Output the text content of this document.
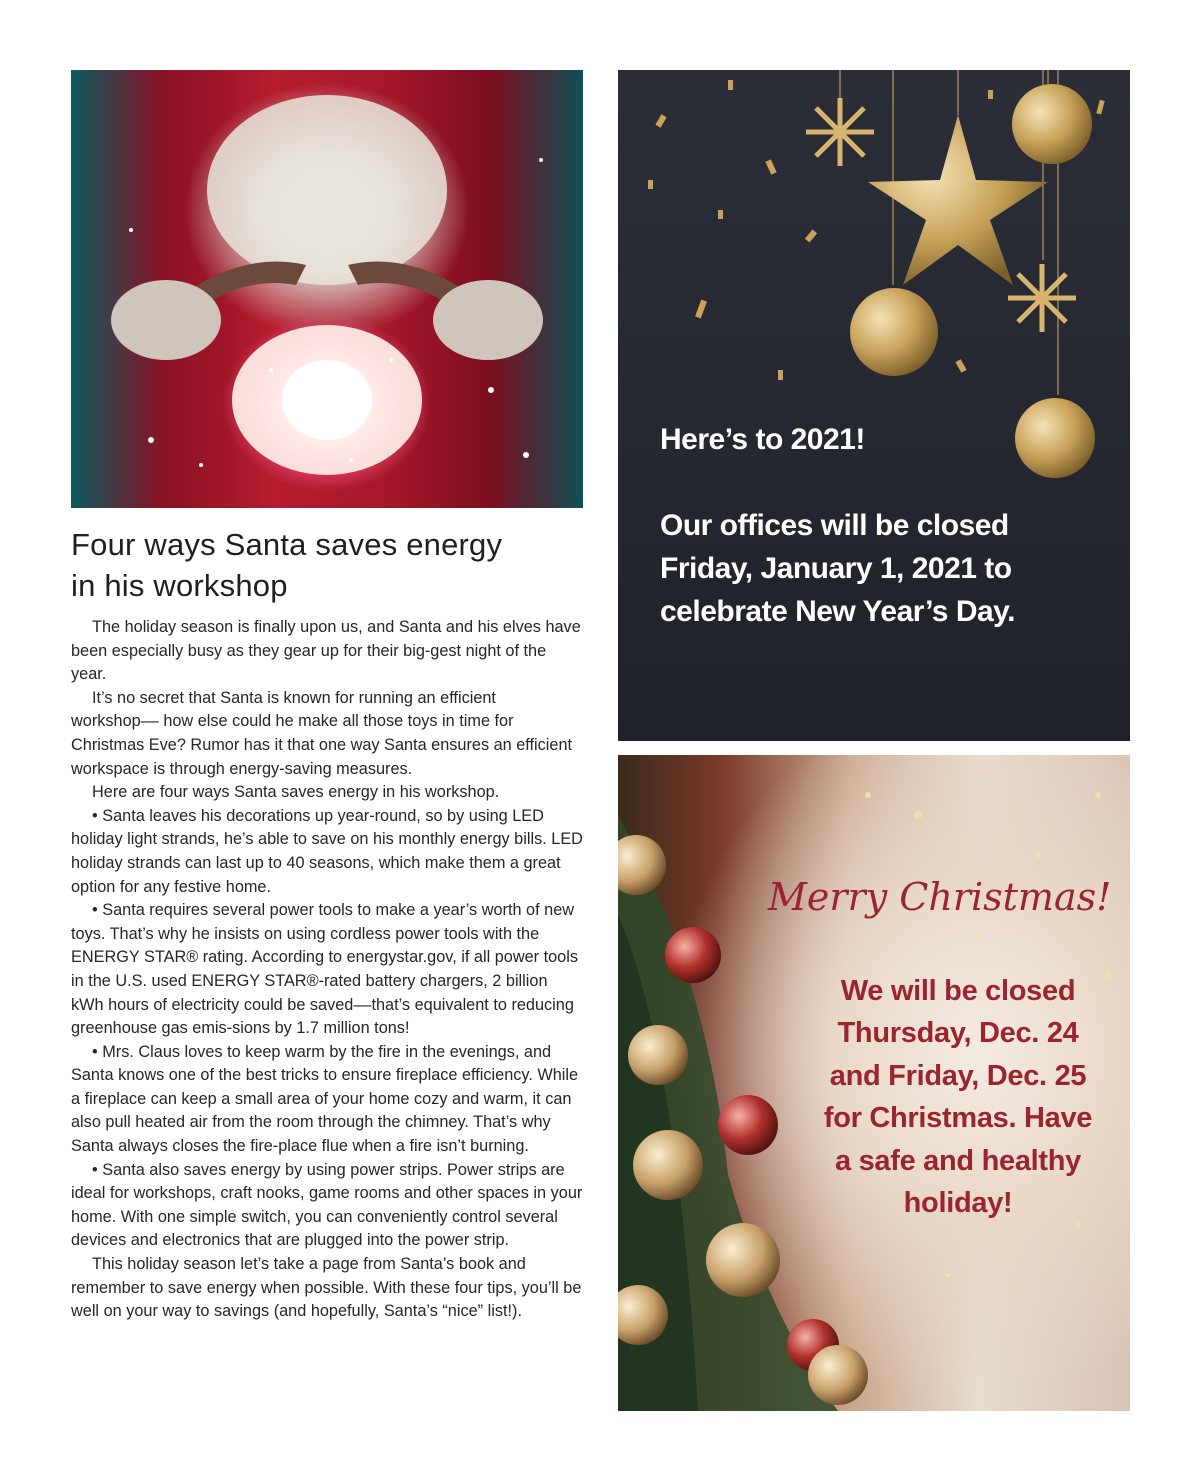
Four ways Santa saves energy
in his workshop

The holiday season is finally upon us, and Santa and his elves have been especially busy as they gear up for their big-gest night of the year.

It’s no secret that Santa is known for running an efficient workshop–– how else could he make all those toys in time for Christmas Eve? Rumor has it that one way Santa ensures an efficient workspace is through energy-saving measures.

Here are four ways Santa saves energy in his workshop.

• Santa leaves his decorations up year-round, so by using LED holiday light strands, he’s able to save on his monthly energy bills. LED holiday strands can last up to 40 seasons, which make them a great option for any festive home.

• Santa requires several power tools to make a year’s worth of new toys. That’s why he insists on using cordless power tools with the ENERGY STAR® rating. According to energystar.gov, if all power tools in the U.S. used ENERGY STAR®-rated battery chargers, 2 billion kWh hours of electricity could be saved––that’s equivalent to reducing greenhouse gas emis-sions by 1.7 million tons!

• Mrs. Claus loves to keep warm by the fire in the evenings, and Santa knows one of the best tricks to ensure fireplace efficiency. While a fireplace can keep a small area of your home cozy and warm, it can also pull heated air from the room through the chimney. That’s why Santa always closes the fire-place flue when a fire isn’t burning.

• Santa also saves energy by using power strips. Power strips are ideal for workshops, craft nooks, game rooms and other spaces in your home. With one simple switch, you can conveniently control several devices and electronics that are plugged into the power strip.

This holiday season let’s take a page from Santa’s book and remember to save energy when possible. With these four tips, you’ll be well on your way to savings (and hopefully, Santa’s “nice” list!).

Here’s to 2021!
Our offices will be closed
Friday, January 1, 2021 to
celebrate New Year’s Day.
Merry Christmas!
We will be closed
Thursday, Dec. 24
and Friday, Dec. 25
for Christmas. Have
a safe and healthy
holiday!
